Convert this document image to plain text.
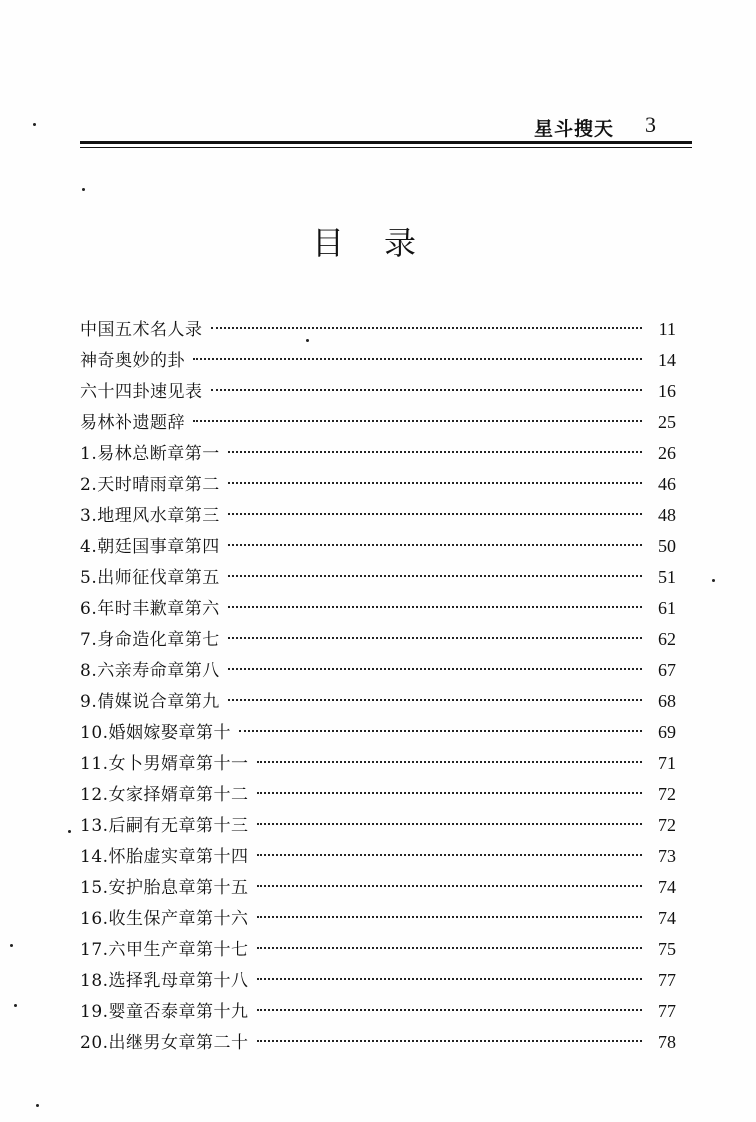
星斗搜天 3
目录
中国五术名人录	11
神奇奥妙的卦	14
六十四卦速见表	16
易林补遗题辞	25
1.易林总断章第一	26
2.天时晴雨章第二	46
3.地理风水章第三	48
4.朝廷国事章第四	50
5.出师征伐章第五	51
6.年时丰歉章第六	61
7.身命造化章第七	62
8.六亲寿命章第八	67
9.倩媒说合章第九	68
10.婚姻嫁娶章第十	69
11.女卜男婿章第十一	71
12.女家择婿章第十二	72
13.后嗣有无章第十三	72
14.怀胎虚实章第十四	73
15.安护胎息章第十五	74
16.收生保产章第十六	74
17.六甲生产章第十七	75
18.选择乳母章第十八	77
19.婴童否泰章第十九	77
20.出继男女章第二十	78
